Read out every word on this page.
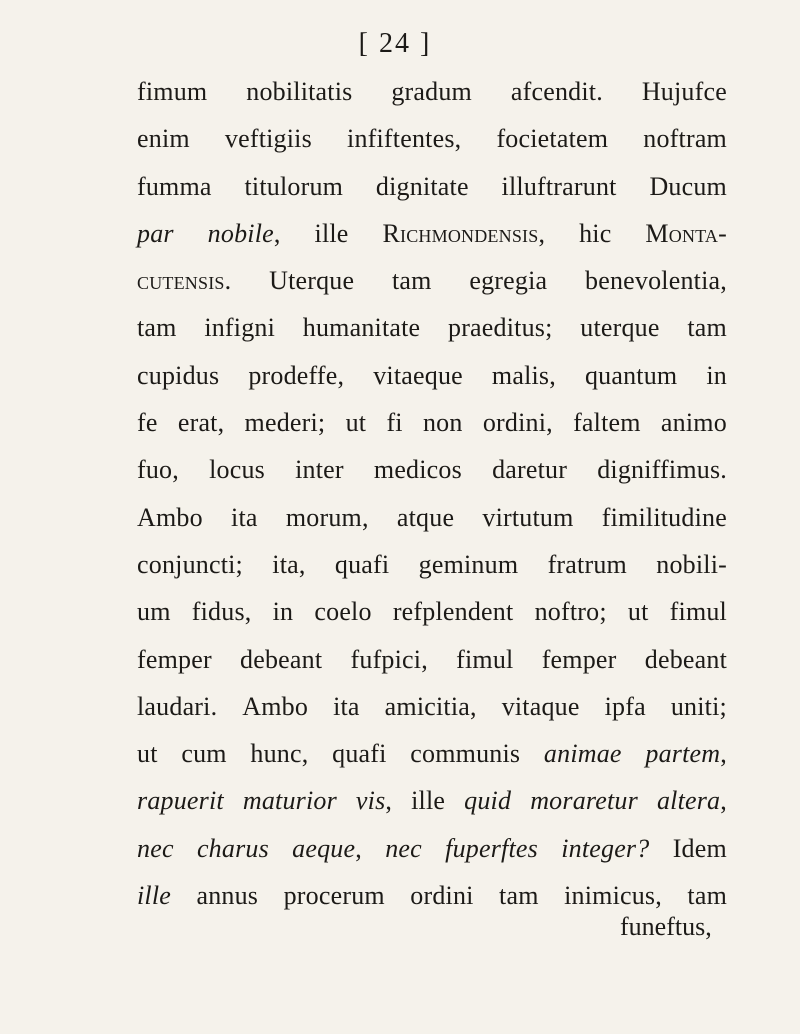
[ 24 ]
fimum nobilitatis gradum afcendit. Hujufce
enim veftigiis infiftentes, focietatem noftram
fumma titulorum dignitate illuftrarunt Ducum
par nobile, ille Richmondensis, hic Monta-
cutensis. Uterque tam egregia benevolentia,
tam infigni humanitate praeditus; uterque tam
cupidus prodeffe, vitaeque malis, quantum in
fe erat, mederi; ut fi non ordini, faltem animo
fuo, locus inter medicos daretur digniffimus.
Ambo ita morum, atque virtutum fimilitudine
conjuncti; ita, quafi geminum fratrum nobili-
um fidus, in coelo refplendent noftro; ut fimul
femper debeant fufpici, fimul femper debeant
laudari. Ambo ita amicitia, vitaque ipfa uniti;
ut cum hunc, quafi communis animae partem,
rapuerit maturior vis, ille quid moraretur altera,
nec charus aeque, nec fuperftes integer? Idem
ille annus procerum ordini tam inimicus, tam
funeftus,
